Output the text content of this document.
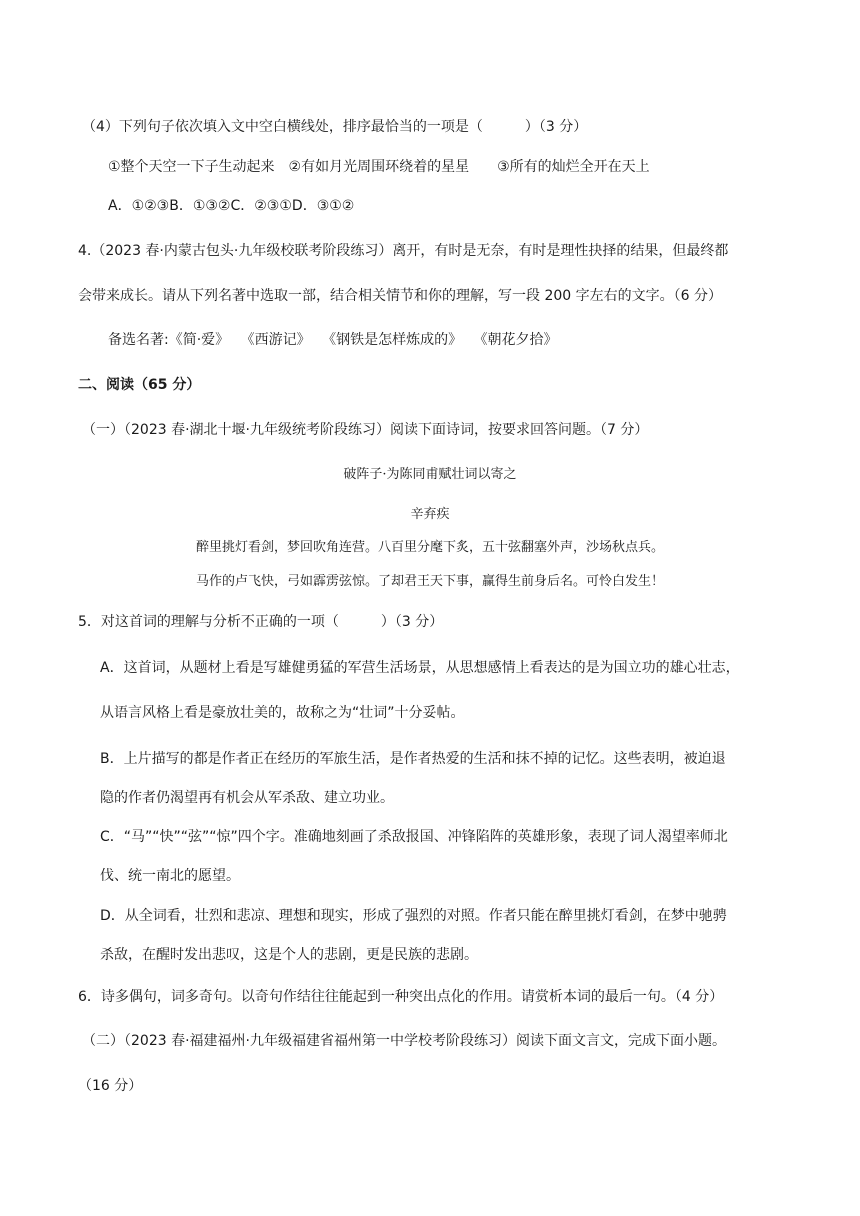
（4）下列句子依次填入文中空白横线处，排序最恰当的一项是（　　　）（3 分）
①整个天空一下子生动起来　②有如月光周围环绕着的星星　　③所有的灿烂全开在天上
A．①②③B．①③②C．②③①D．③①②
4.（2023 春·内蒙古包头·九年级校联考阶段练习）离开，有时是无奈，有时是理性抉择的结果，但最终都
会带来成长。请从下列名著中选取一部，结合相关情节和你的理解，写一段 200 字左右的文字。（6 分）
备选名著:《简·爱》　 《西游记》　 《钢铁是怎样炼成的》　 《朝花夕拾》
二、阅读（65 分）
（一）（2023 春·湖北十堰·九年级统考阶段练习）阅读下面诗词，按要求回答问题。（7 分）
破阵子·为陈同甫赋壮词以寄之
辛弃疾
醉里挑灯看剑，梦回吹角连营。八百里分麾下炙，五十弦翻塞外声，沙场秋点兵。
马作的卢飞快，弓如霹雳弦惊。了却君王天下事，赢得生前身后名。可怜白发生！
5．对这首词的理解与分析不正确的一项（　　　）（3 分）
A．这首词，从题材上看是写雄健勇猛的军营生活场景，从思想感情上看表达的是为国立功的雄心壮志，
从语言风格上看是豪放壮美的，故称之为“壮词”十分妥帖。
B．上片描写的都是作者正在经历的军旅生活，是作者热爱的生活和抹不掉的记忆。这些表明，被迫退
隐的作者仍渴望再有机会从军杀敌、建立功业。
C．“马”“快”“弦”“惊”四个字。准确地刻画了杀敌报国、冲锋陷阵的英雄形象，表现了词人渴望率师北
伐、统一南北的愿望。
D．从全词看，壮烈和悲凉、理想和现实，形成了强烈的对照。作者只能在醉里挑灯看剑，在梦中驰骋
杀敌，在醒时发出悲叹，这是个人的悲剧，更是民族的悲剧。
6．诗多偶句，词多奇句。以奇句作结往往能起到一种突出点化的作用。请赏析本词的最后一句。（4 分）
（二）（2023 春·福建福州·九年级福建省福州第一中学校考阶段练习）阅读下面文言文，完成下面小题。
（16 分）
